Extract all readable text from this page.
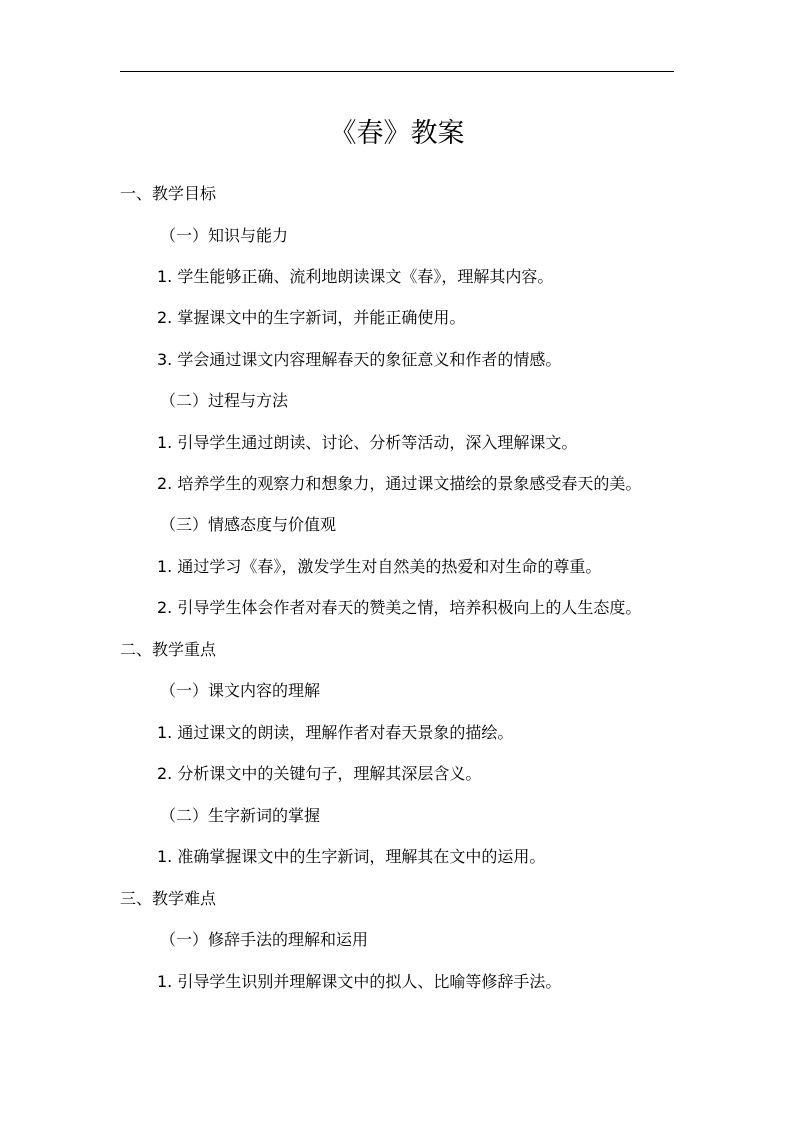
《春》教案
一、教学目标
（一）知识与能力
1. 学生能够正确、流利地朗读课文《春》，理解其内容。
2. 掌握课文中的生字新词，并能正确使用。
3. 学会通过课文内容理解春天的象征意义和作者的情感。
（二）过程与方法
1. 引导学生通过朗读、讨论、分析等活动，深入理解课文。
2. 培养学生的观察力和想象力，通过课文描绘的景象感受春天的美。
（三）情感态度与价值观
1. 通过学习《春》，激发学生对自然美的热爱和对生命的尊重。
2. 引导学生体会作者对春天的赞美之情，培养积极向上的人生态度。
二、教学重点
（一）课文内容的理解
1. 通过课文的朗读，理解作者对春天景象的描绘。
2. 分析课文中的关键句子，理解其深层含义。
（二）生字新词的掌握
1. 准确掌握课文中的生字新词，理解其在文中的运用。
三、教学难点
（一）修辞手法的理解和运用
1. 引导学生识别并理解课文中的拟人、比喻等修辞手法。
